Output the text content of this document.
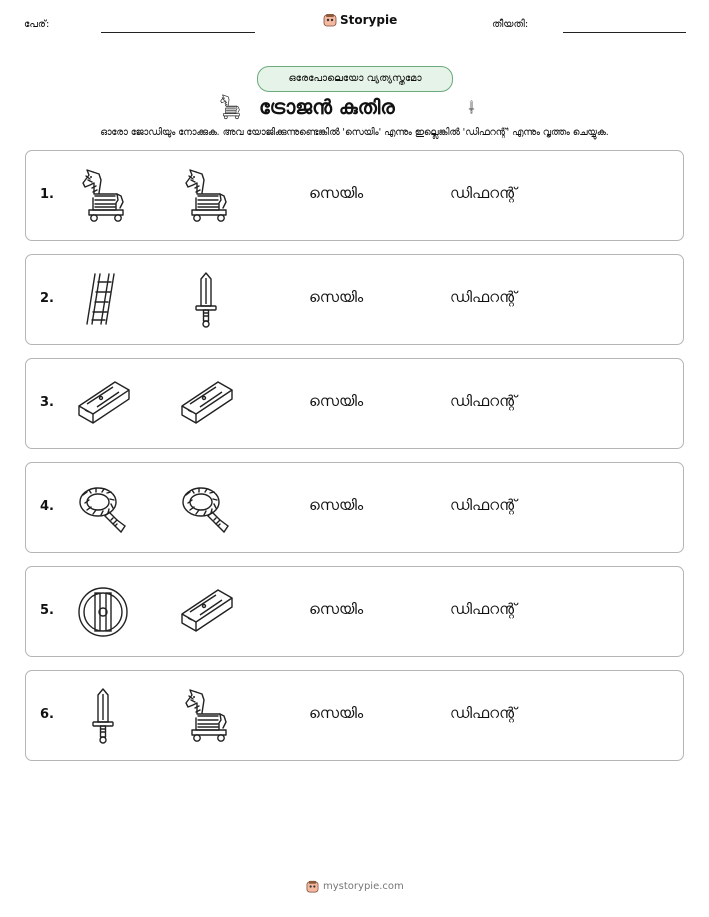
പേര്:	Storypie	തീയതി:
ഒരേപോലെയോ വ്യത്യസ്തമോ
ട്രോജൻ കുതിര
ഓരോ ജോഡിയും നോക്കുക. അവ യോജിക്കുന്നുണ്ടെങ്കിൽ 'സെയിം' എന്നും ഇല്ലെങ്കിൽ 'ഡിഫറന്റ്' എന്നും വൃത്തം ചെയ്യുക.
1.	സെയിം	ഡിഫറന്റ്
2.	സെയിം	ഡിഫറന്റ്
3.	സെയിം	ഡിഫറന്റ്
4.	സെയിം	ഡിഫറന്റ്
5.	സെയിം	ഡിഫറന്റ്
6.	സെയിം	ഡിഫറന്റ്
mystorypie.com
